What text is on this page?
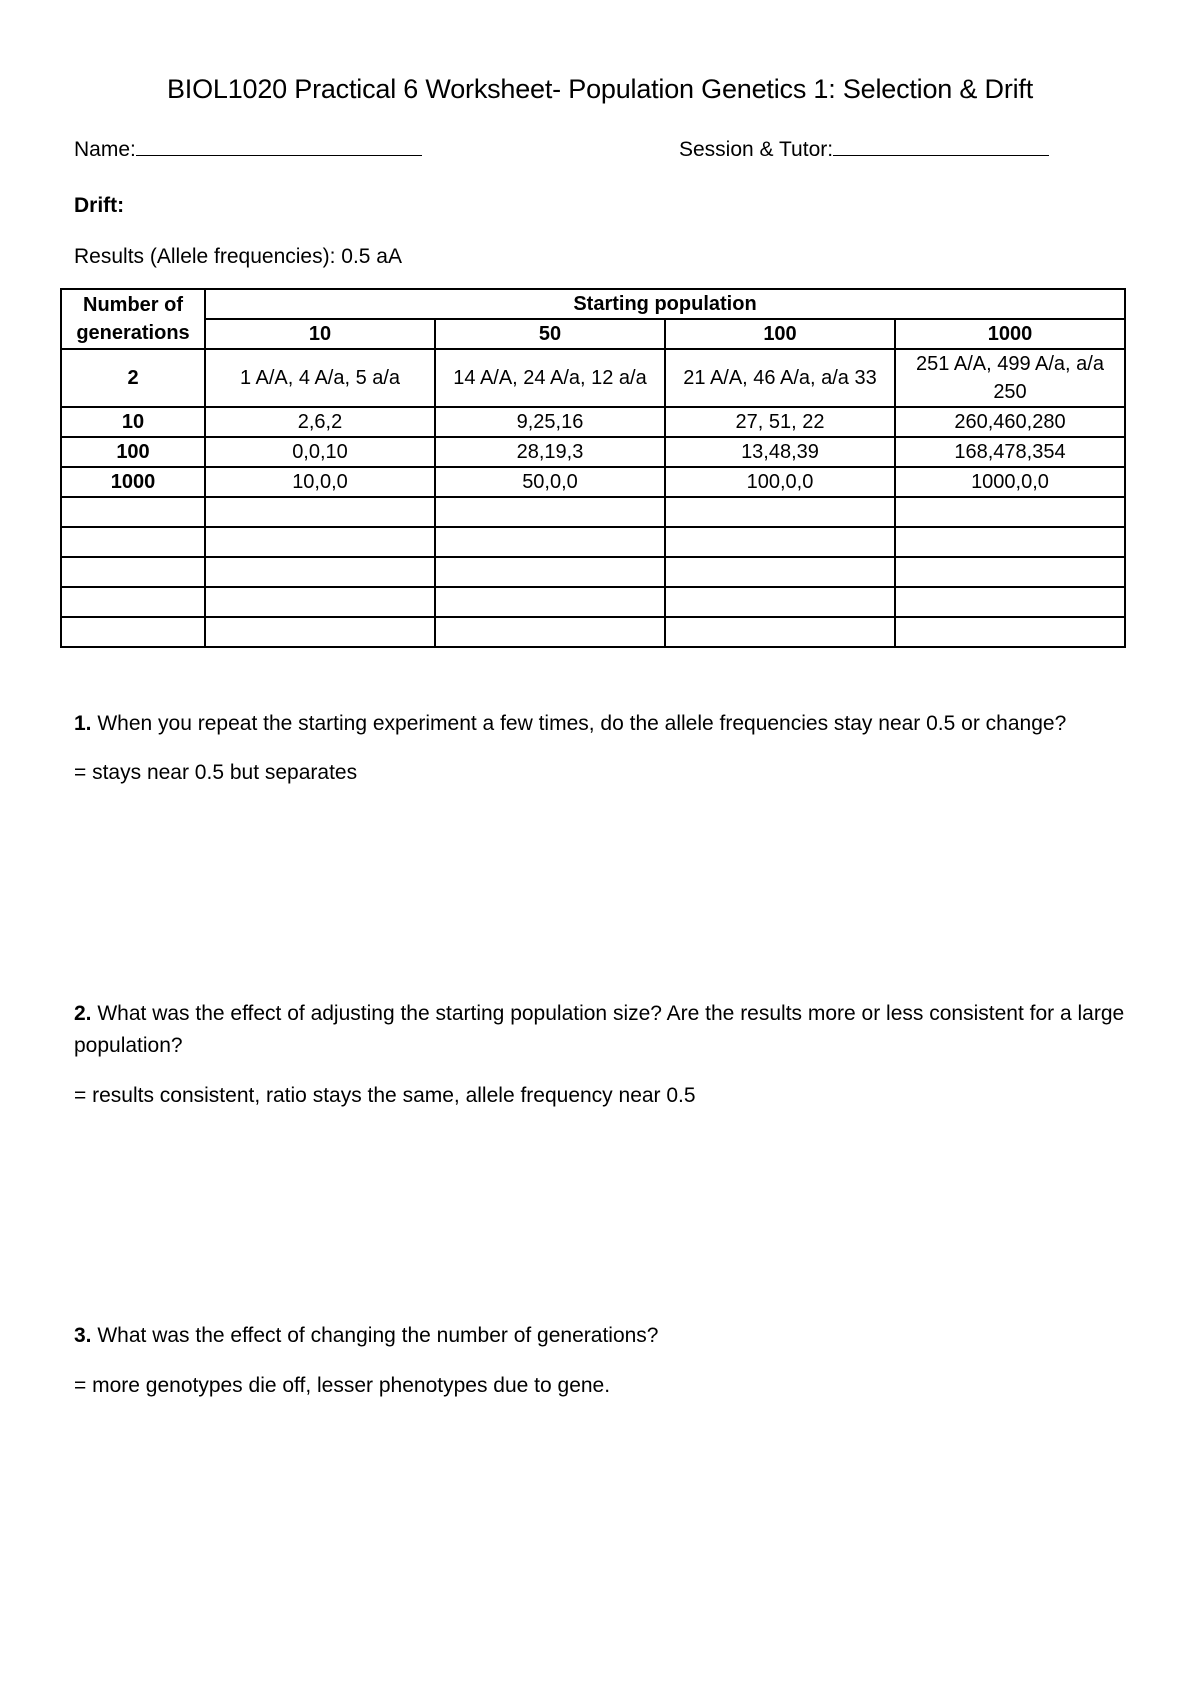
BIOL1020 Practical 6 Worksheet- Population Genetics 1: Selection & Drift
Name:	Session & Tutor:
Drift:
Results (Allele frequencies): 0.5 aA
Number of generations	Starting population			
	10	50	100	1000
2	1 A/A, 4 A/a, 5 a/a	14 A/A, 24 A/a, 12 a/a	21 A/A, 46 A/a, a/a 33	251 A/A, 499 A/a, a/a 250
10	2,6,2	9,25,16	27, 51, 22	260,460,280
100	0,0,10	28,19,3	13,48,39	168,478,354
1000	10,0,0	50,0,0	100,0,0	1000,0,0

1. When you repeat the starting experiment a few times, do the allele frequencies stay near 0.5 or change?
= stays near 0.5 but separates
2. What was the effect of adjusting the starting population size? Are the results more or less consistent for a large population?
= results consistent, ratio stays the same, allele frequency near 0.5
3. What was the effect of changing the number of generations?
= more genotypes die off, lesser phenotypes due to gene.
